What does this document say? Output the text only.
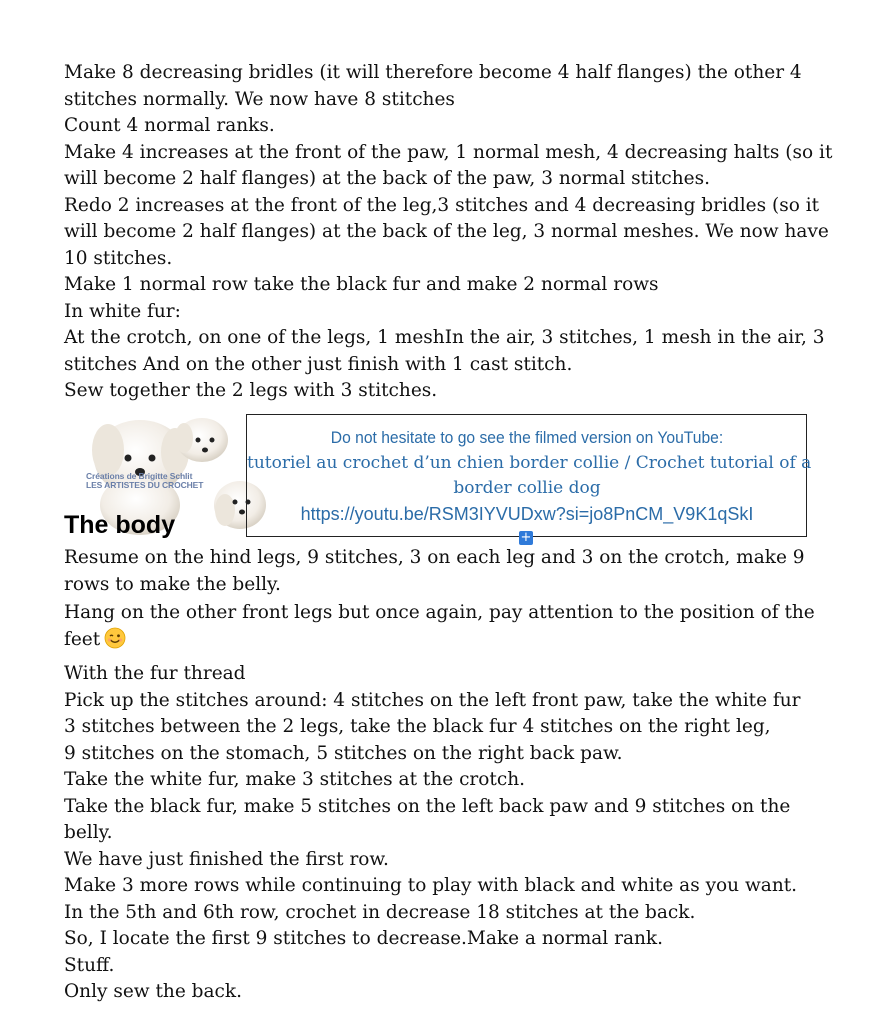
Make 8 decreasing bridles (it will therefore become 4 half flanges) the other 4 stitches normally. We now have 8 stitches

Count 4 normal ranks.

Make 4 increases at the front of the paw, 1 normal mesh, 4 decreasing halts (so it will become 2 half flanges) at the back of the paw, 3 normal stitches.

Redo 2 increases at the front of the leg,3 stitches and 4 decreasing bridles (so it will become 2 half flanges) at the back of the leg, 3 normal meshes. We now have 10 stitches.

Make 1 normal row take the black fur and make 2 normal rows

In white fur:

At the crotch, on one of the legs, 1 meshIn the air, 3 stitches, 1 mesh in the air, 3 stitches And on the other just finish with 1 cast stitch.

Sew together the 2 legs with 3 stitches.

Créations de Brigitte Schlit
LES ARTISTES DU CROCHET
The body
Do not hesitate to go see the filmed version on YouTube:
tutoriel au crochet d’un chien border collie / Crochet tutorial of a
border collie dog
https://youtu.be/RSM3IYVUDxw?si=jo8PnCM_V9K1qSkI
+

Resume on the hind legs, 9 stitches, 3 on each leg and 3 on the crotch, make 9 rows to make the belly.

Hang on the other front legs but once again, pay attention to the position of the feet

With the fur thread

Pick up the stitches around: 4 stitches on the left front paw, take the white fur

3 stitches between the 2 legs, take the black fur 4 stitches on the right leg,

9 stitches on the stomach, 5 stitches on the right back paw.

Take the white fur, make 3 stitches at the crotch.

Take the black fur, make 5 stitches on the left back paw and 9 stitches on the belly.

We have just finished the first row.

Make 3 more rows while continuing to play with black and white as you want.

In the 5th and 6th row, crochet in decrease 18 stitches at the back.

So, I locate the first 9 stitches to decrease.Make a normal rank.

Stuff.

Only sew the back.
